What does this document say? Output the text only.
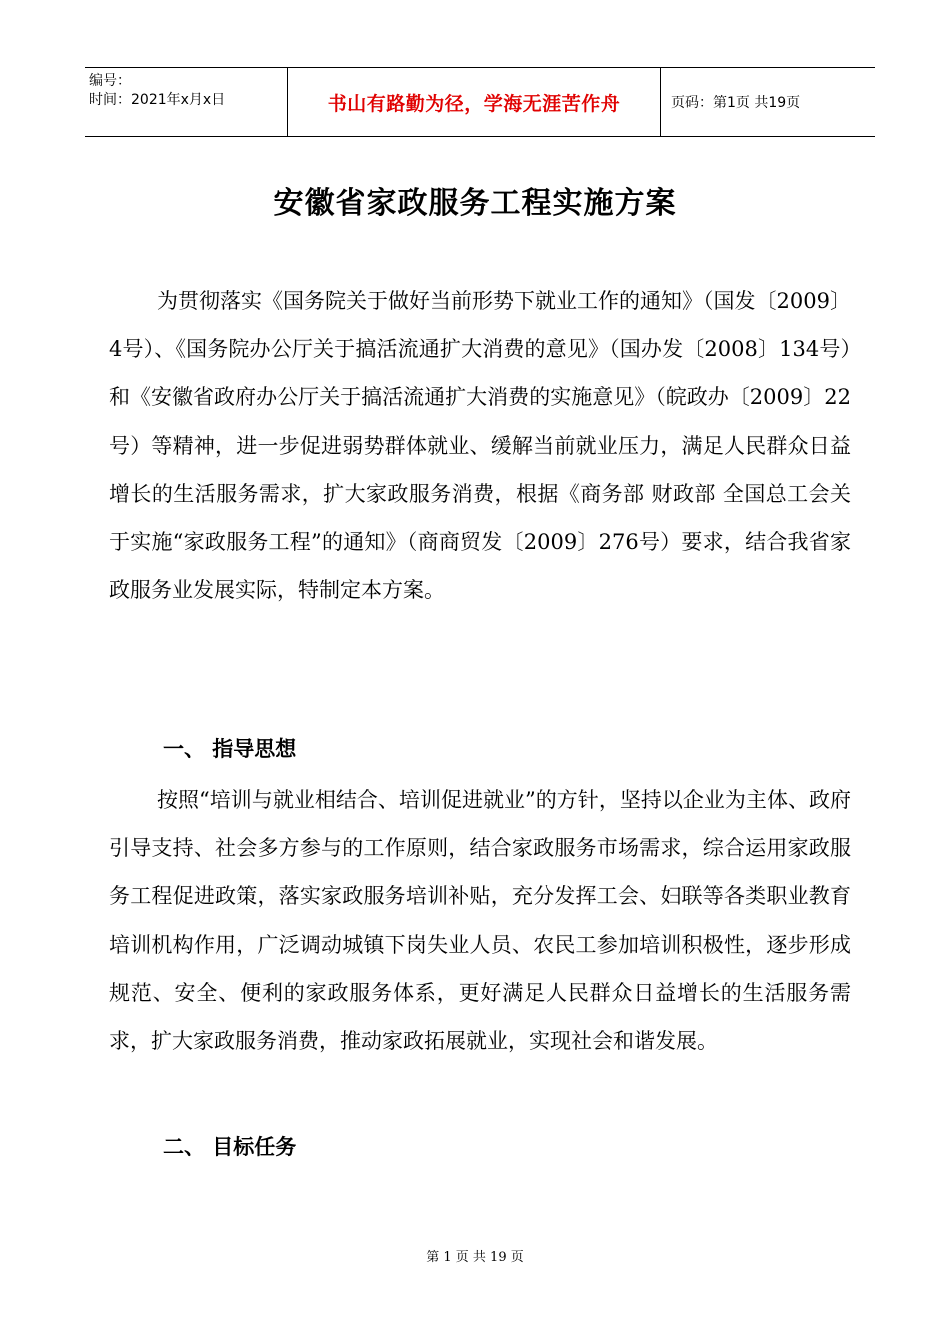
编号：
时间：2021年x月x日	书山有路勤为径，学海无涯苦作舟	页码：第1页 共19页
安徽省家政服务工程实施方案

为贯彻落实《国务院关于做好当前形势下就业工作的通知》（国发〔2009〕4号）、《国务院办公厅关于搞活流通扩大消费的意见》（国办发〔2008〕134号）和《安徽省政府办公厅关于搞活流通扩大消费的实施意见》（皖政办〔2009〕22号）等精神，进一步促进弱势群体就业、缓解当前就业压力，满足人民群众日益增长的生活服务需求，扩大家政服务消费，根据《商务部 财政部 全国总工会关于实施“家政服务工程”的通知》（商商贸发〔2009〕276号）要求，结合我省家政服务业发展实际，特制定本方案。

一、 指导思想

按照“培训与就业相结合、培训促进就业”的方针，坚持以企业为主体、政府引导支持、社会多方参与的工作原则，结合家政服务市场需求，综合运用家政服务工程促进政策，落实家政服务培训补贴，充分发挥工会、妇联等各类职业教育培训机构作用，广泛调动城镇下岗失业人员、农民工参加培训积极性，逐步形成规范、安全、便利的家政服务体系，更好满足人民群众日益增长的生活服务需求，扩大家政服务消费，推动家政拓展就业，实现社会和谐发展。

二、 目标任务
第 1 页 共 19 页
